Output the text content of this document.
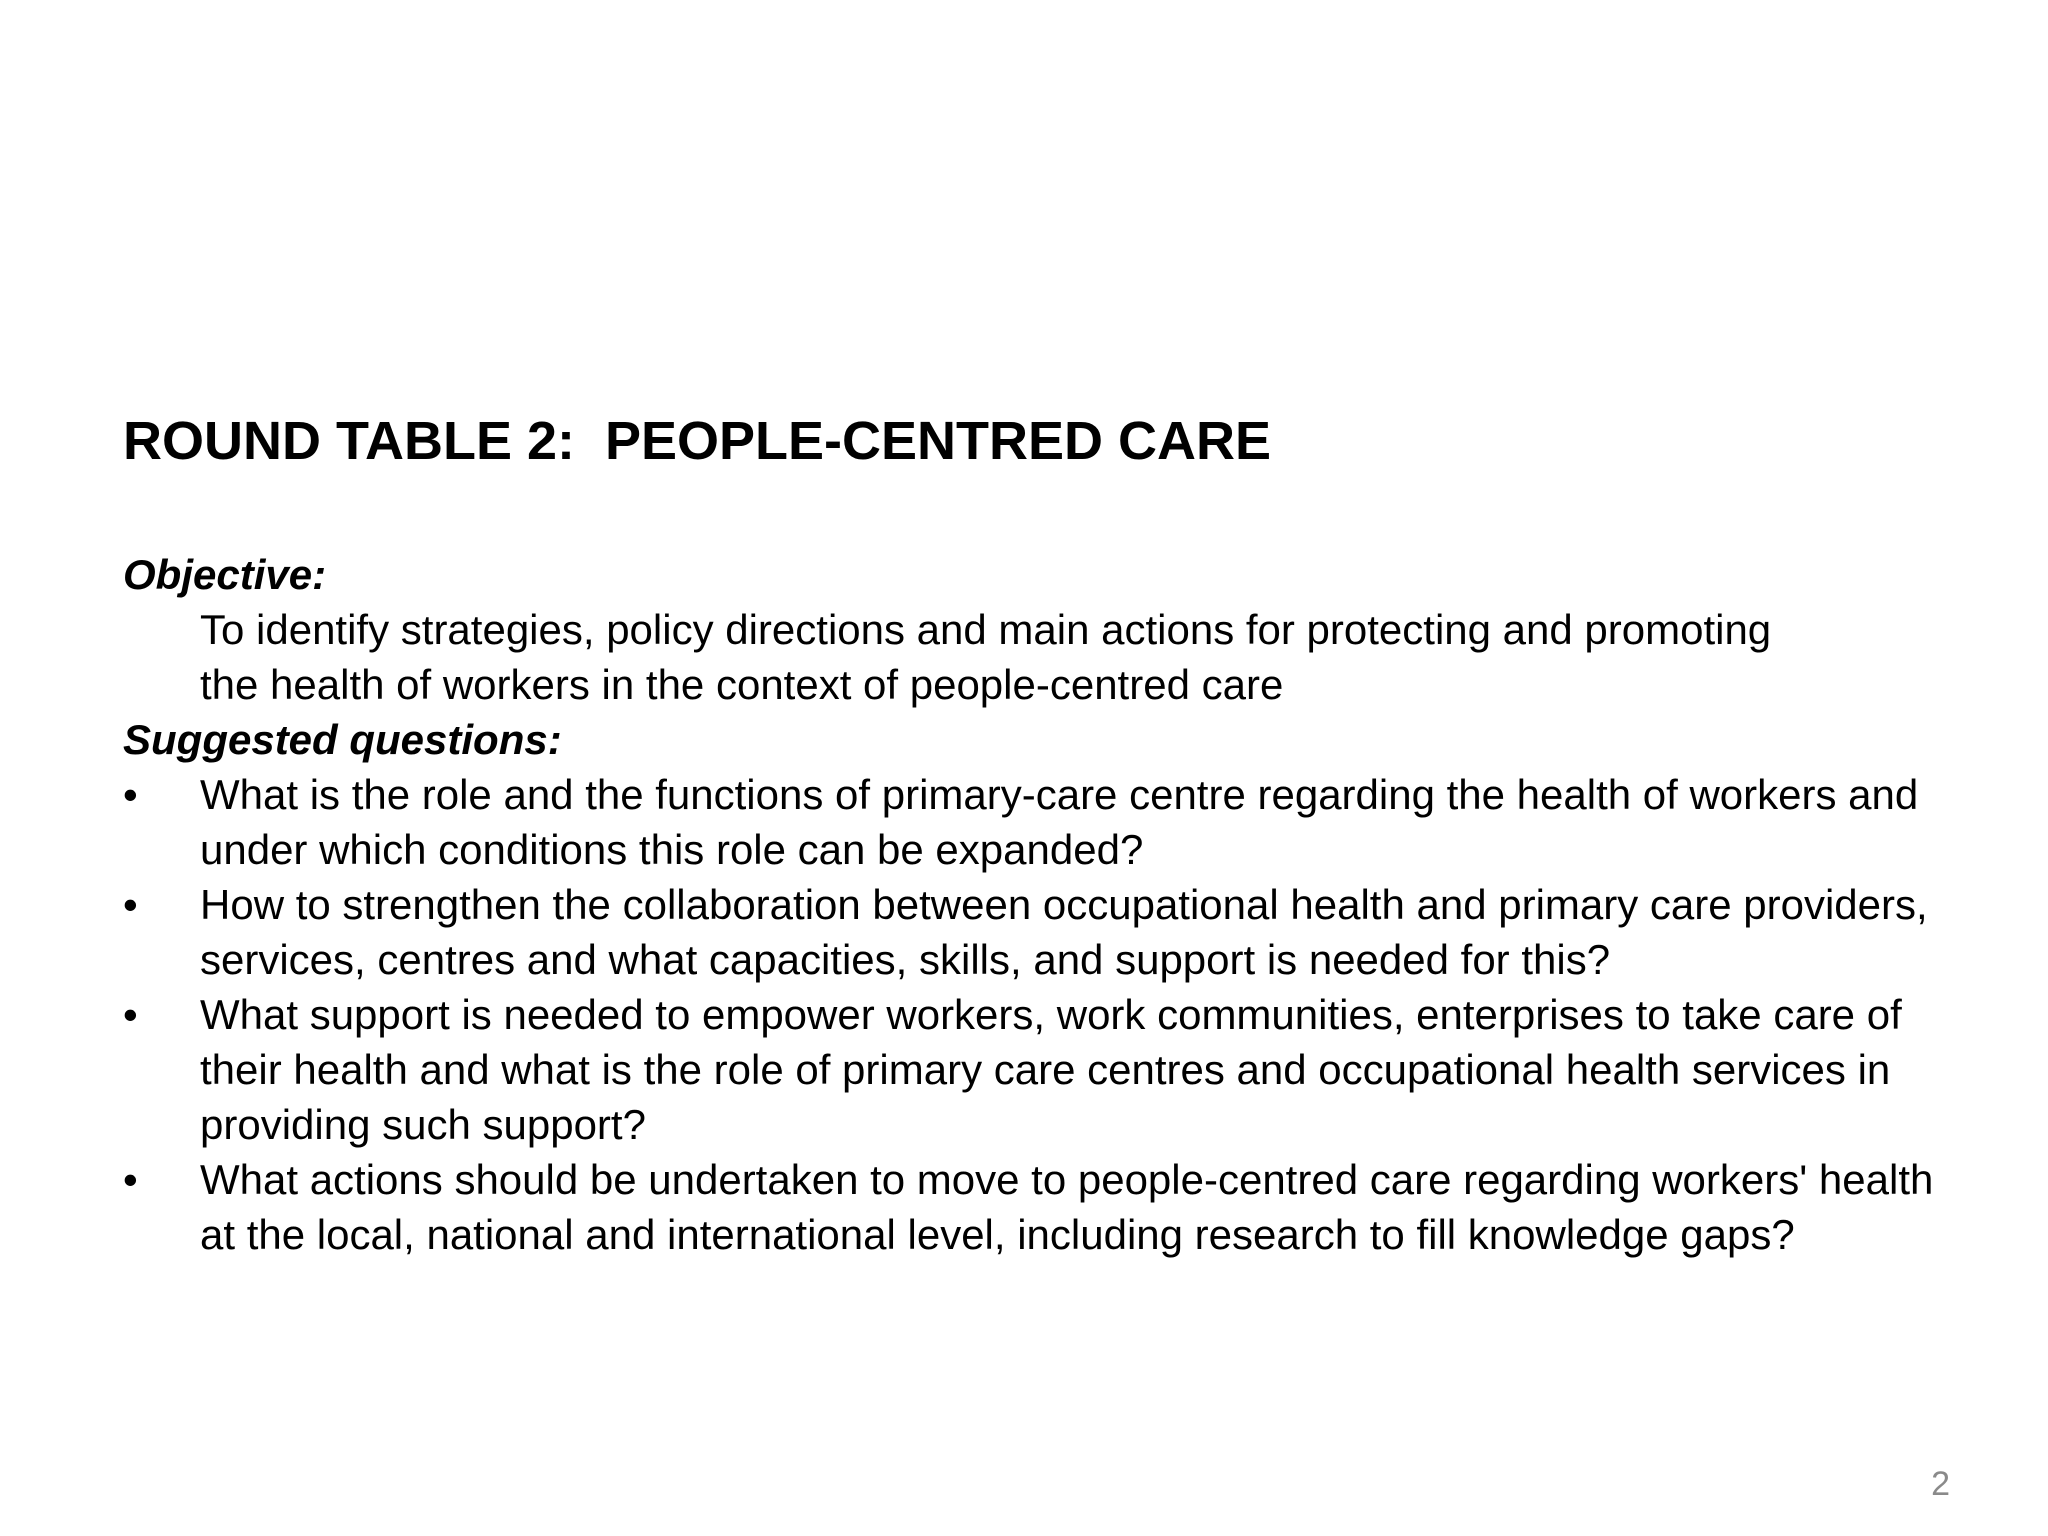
ROUND TABLE 2:  PEOPLE-CENTRED CARE

Objective:

To identify strategies, policy directions and main actions for protecting and promoting the health of workers in the context of people-centred care

Suggested questions:

•	What is the role and the functions of primary-care centre regarding the health of workers and under which conditions this role can be expanded?
•	How to strengthen the collaboration between occupational health and primary care providers, services, centres and what capacities, skills, and support is needed for this?
•	What support is needed to empower workers, work communities, enterprises to take care of their health and what is the role of primary care centres and occupational health services in providing such support?
•	What actions should be undertaken to move to people-centred care regarding workers' health at the local, national and international level, including research to fill knowledge gaps?
2
